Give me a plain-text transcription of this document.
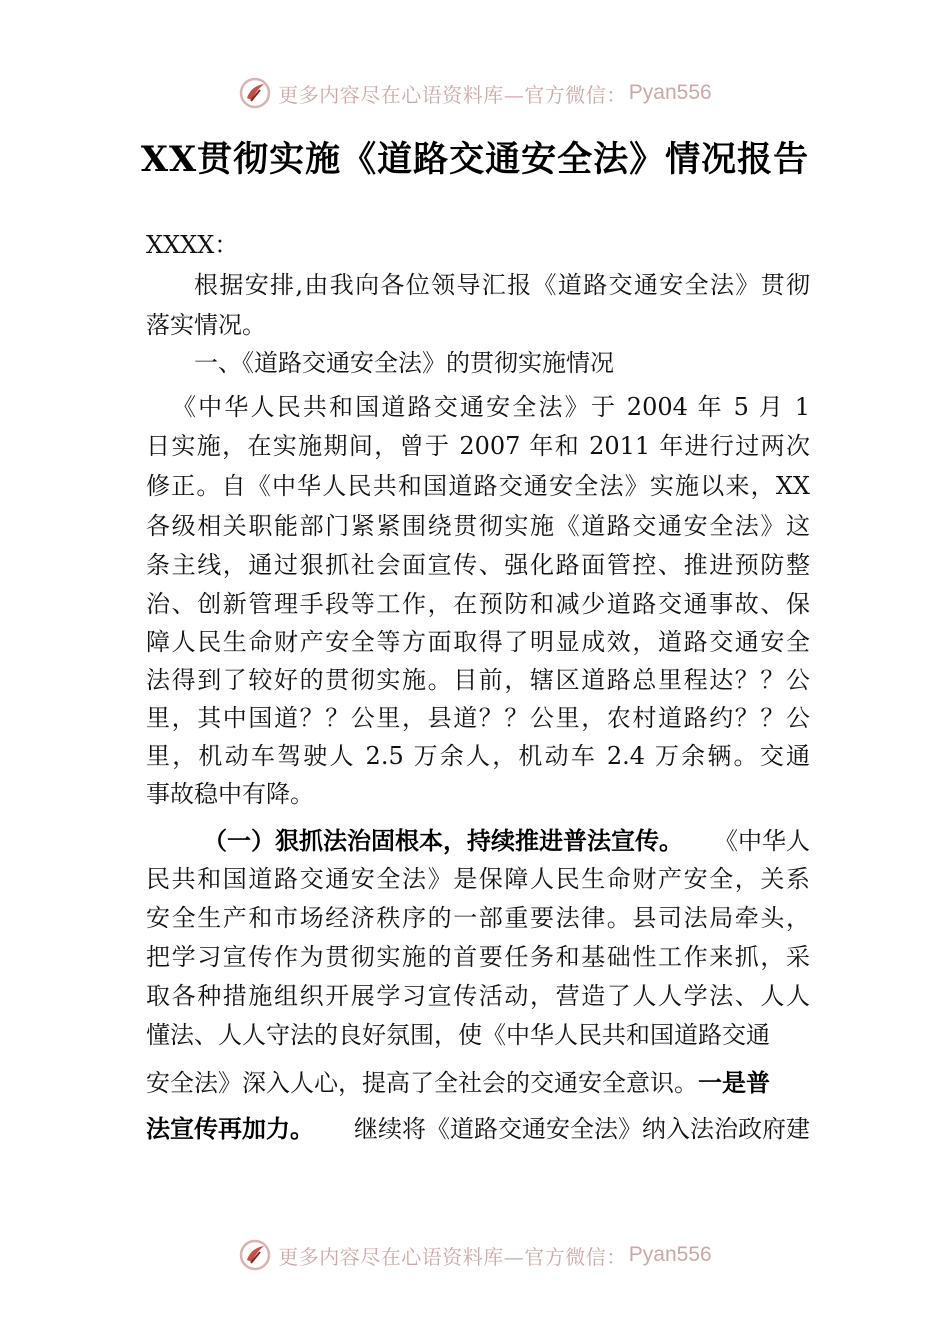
更多内容尽在心语资料库—官方微信： Pyan556
XX贯彻实施《道路交通安全法》情况报告
XXXX：
根据安排,由我向各位领导汇报《道路交通安全法》贯彻
落实情况。
一、《道路交通安全法》的贯彻实施情况
《中华人民共和国道路交通安全法》于 2004 年 5 月 1
日实施，在实施期间，曾于 2007 年和 2011 年进行过两次
修正。自《中华人民共和国道路交通安全法》实施以来，XX
各级相关职能部门紧紧围绕贯彻实施《道路交通安全法》这
条主线，通过狠抓社会面宣传、强化路面管控、推进预防整
治、创新管理手段等工作，在预防和减少道路交通事故、保
障人民生命财产安全等方面取得了明显成效，道路交通安全
法得到了较好的贯彻实施。目前，辖区道路总里程达？？公
里，其中国道？？公里，县道？？公里，农村道路约？？公
里，机动车驾驶人 2.5 万余人，机动车 2.4 万余辆。交通
事故稳中有降。
（一）狠抓法治固根本，持续推进普法宣传。 《中华人
民共和国道路交通安全法》是保障人民生命财产安全，关系
安全生产和市场经济秩序的一部重要法律。县司法局牵头，
把学习宣传作为贯彻实施的首要任务和基础性工作来抓，采
取各种措施组织开展学习宣传活动，营造了人人学法、人人
懂法、人人守法的良好氛围，使《中华人民共和国道路交通
安全法》深入人心，提高了全社会的交通安全意识。 一是普
法宣传再加力。 继续将《道路交通安全法》纳入法治政府建
更多内容尽在心语资料库—官方微信： Pyan556
